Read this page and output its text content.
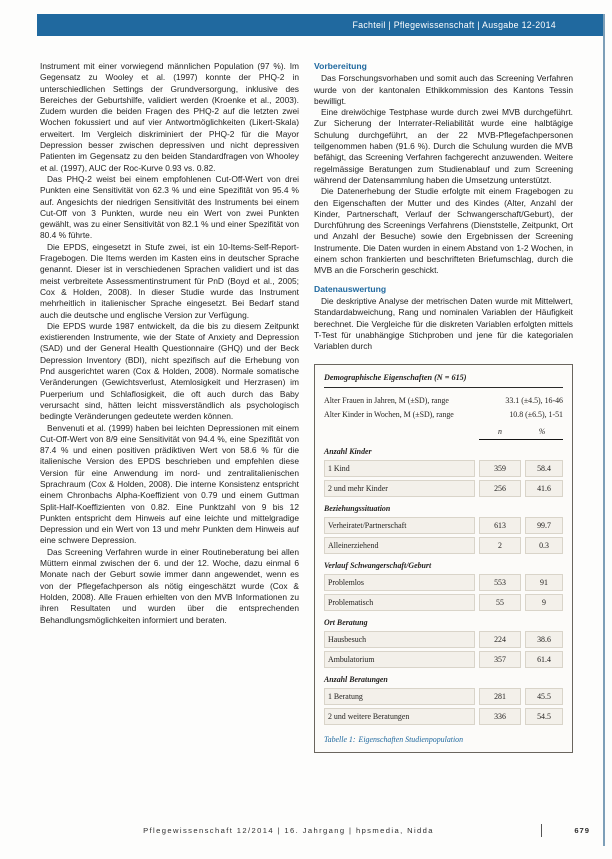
Fachteil | Pflegewissenschaft | Ausgabe 12-2014

Instrument mit einer vorwiegend männlichen Population (97 %). Im Gegensatz zu Wooley et al. (1997) konnte der PHQ-2 in unterschiedlichen Settings der Grundversorgung, inklusive des Bereiches der Geburtshilfe, validiert werden (Kroenke et al., 2003). Zudem wurden die beiden Fragen des PHQ-2 auf die letzten zwei Wochen fokussiert und auf vier Antwortmöglichkeiten (Likert-Skala) erweitert. Im Vergleich diskriminiert der PHQ-2 für die Mayor Depression besser zwischen depressiven und nicht depressiven Patienten im Gegensatz zu den beiden Standardfragen von Whooley et al. (1997), AUC der Roc-Kurve 0.93 vs. 0.82.

Das PHQ-2 weist bei einem empfohlenen Cut-Off-Wert von drei Punkten eine Sensitivität von 62.3 % und eine Spezifität von 95.4 % auf. Angesichts der niedrigen Sensitivität des Instruments bei einem Cut-Off von 3 Punkten, wurde neu ein Wert von zwei Punkten gewählt, was zu einer Sensitivität von 82.1 % und einer Spezifität von 80.4 % führte.

Die EPDS, eingesetzt in Stufe zwei, ist ein 10-Items-Self-Report-Fragebogen. Die Items werden im Kasten eins in deutscher Sprache genannt. Dieser ist in verschiedenen Sprachen validiert und ist das meist verbreitete Assessmentinstrument für PnD (Boyd et al., 2005; Cox & Holden, 2008). In dieser Studie wurde das Instrument mehrheitlich in italienischer Sprache eingesetzt. Bei Bedarf stand auch die deutsche und englische Version zur Verfügung.

Die EPDS wurde 1987 entwickelt, da die bis zu diesem Zeitpunkt existierenden Instrumente, wie der State of Anxiety and Depression (SAD) und der General Health Questionnaire (GHQ) und der Beck Depression Inventory (BDI), nicht spezifisch auf die Erhebung von Pnd ausgerichtet waren (Cox & Holden, 2008). Normale somatische Veränderungen (Gewichtsverlust, Atemlosigkeit und Herzrasen) im Puerperium und Schlaflosigkeit, die oft auch durch das Baby verursacht sind, hätten leicht missverständlich als psychologisch bedingte Veränderungen gedeutete werden können.

Benvenuti et al. (1999) haben bei leichten Depressionen mit einem Cut-Off-Wert von 8/9 eine Sensitivität von 94.4 %, eine Spezifität von 87.4 % und einen positiven prädiktiven Wert von 58.6 % für die italienische Version des EPDS beschrieben und empfehlen diese Version für eine Anwendung im nord- und zentralitalienischen Sprachraum (Cox & Holden, 2008). Die interne Konsistenz entspricht einem Chronbachs Alpha-Koeffizient von 0.79 und einem Guttman Split-Half-Koeffizienten von 0.82. Eine Punktzahl von 9 bis 12 Punkten entspricht dem Hinweis auf eine leichte und mittelgradige Depression und ein Wert von 13 und mehr Punkten dem Hinweis auf eine schwere Depression.

Das Screening Verfahren wurde in einer Routineberatung bei allen Müttern einmal zwischen der 6. und der 12. Woche, dazu einmal 6 Monate nach der Geburt sowie immer dann angewendet, wenn es von der Pflegefachperson als nötig eingeschätzt wurde (Cox & Holden, 2008). Alle Frauen erhielten von den MVB Informationen zu ihren Resultaten und wurden über die entsprechenden Behandlungsmöglichkeiten informiert und beraten.

Vorbereitung

Das Forschungsvorhaben und somit auch das Screening Verfahren wurde von der kantonalen Ethikkommission des Kantons Tessin bewilligt.

Eine dreiwöchige Testphase wurde durch zwei MVB durchgeführt. Zur Sicherung der Interrater-Reliabilität wurde eine halbtägige Schulung durchgeführt, an der 22 MVB-Pflegefachpersonen teilgenommen haben (91.6 %). Durch die Schulung wurden die MVB befähigt, das Screening Verfahren fachgerecht anzuwenden. Weitere regelmässige Beratungen zum Studienablauf und zum Screening während der Datensammlung haben die Umsetzung unterstützt.

Die Datenerhebung der Studie erfolgte mit einem Fragebogen zu den Eigenschaften der Mutter und des Kindes (Alter, Anzahl der Kinder, Partnerschaft, Verlauf der Schwangerschaft/Geburt), der Durchführung des Screenings Verfahrens (Dienststelle, Zeitpunkt, Ort und Anzahl der Besuche) sowie den Ergebnissen der Screening Instrumente. Die Daten wurden in einem Abstand von 1-2 Wochen, in einem schon frankierten und beschrifteten Briefumschlag, durch die MVB an die Forscherin geschickt.

Datenauswertung

Die deskriptive Analyse der metrischen Daten wurde mit Mittelwert, Standardabweichung, Rang und nominalen Variablen der Häufigkeit berechnet. Die Vergleiche für die diskreten Variablen erfolgten mittels T-Test für unabhängige Stichproben und jene für die kategorialen Variablen durch

Demographische Eigenschaften (N = 615)
Alter Frauen in Jahren, M (±SD), range	33.1 (±4.5), 16-46
Alter Kinder in Wochen, M (±SD), range	10.8 (±6.5), 1-51
n	%
Anzahl Kinder
1 Kind	359	58.4
2 und mehr Kinder	256	41.6
Beziehungssituation
Verheiratet/Partnerschaft	613	99.7
Alleinerziehend	2	0.3
Verlauf Schwangerschaft/Geburt
Problemlos	553	91
Problematisch	55	9
Ort Beratung
Hausbesuch	224	38.6
Ambulatorium	357	61.4
Anzahl Beratungen
1 Beratung	281	45.5
2 und weitere Beratungen	336	54.5
Tabelle 1: Eigenschaften Studienpopulation
Pflegewissenschaft 12/2014 | 16. Jahrgang | hpsmedia, Nidda	679
